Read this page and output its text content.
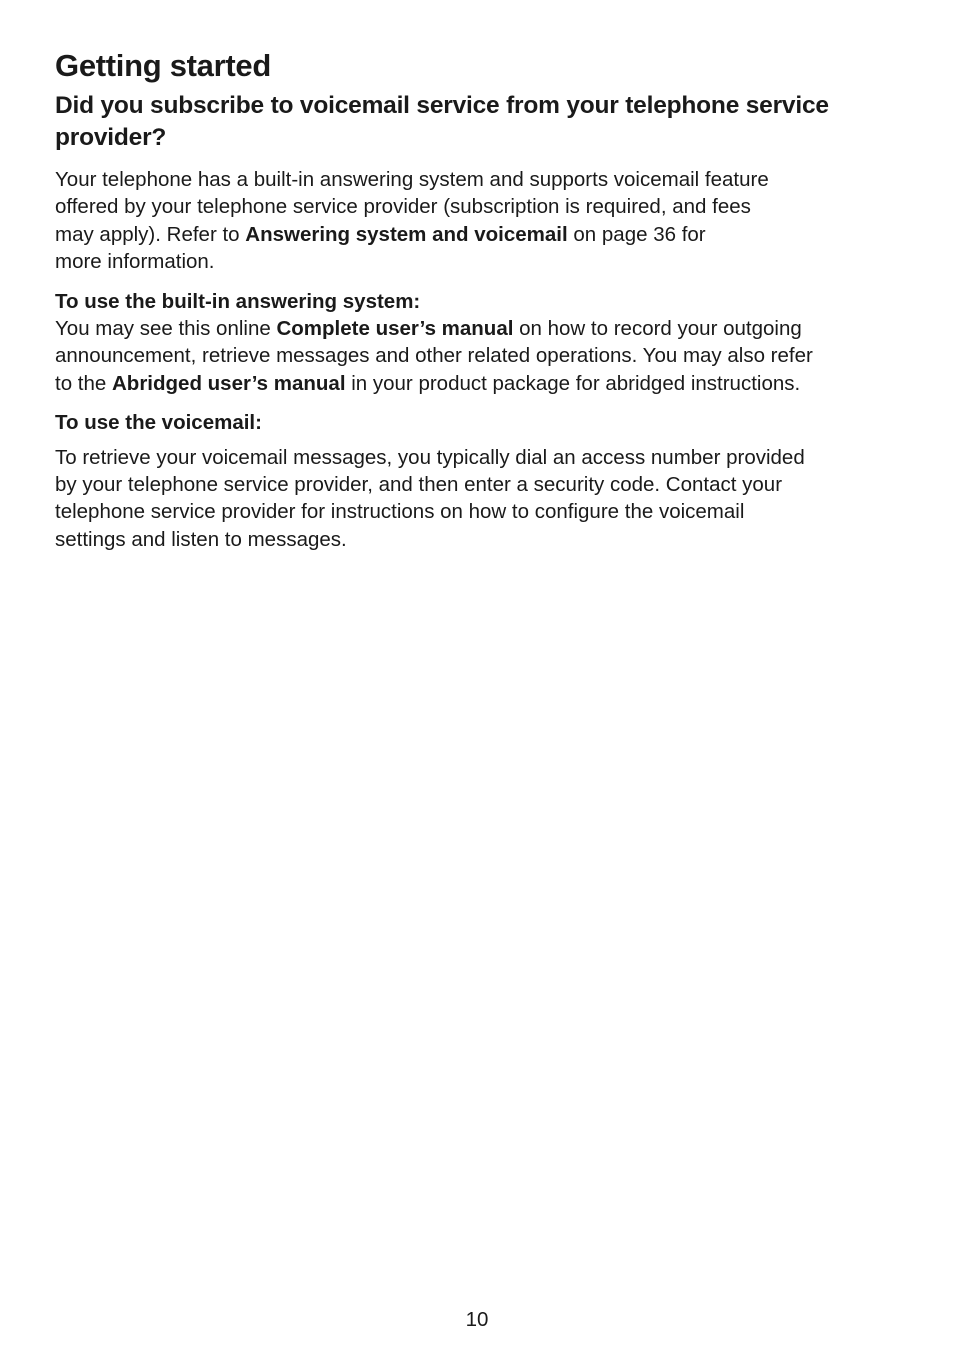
Getting started
Did you subscribe to voicemail service from your telephone service provider?

Your telephone has a built-in answering system and supports voicemail feature
offered by your telephone service provider (subscription is required, and fees
may apply). Refer to Answering system and voicemail on page 36 for
more information.

To use the built-in answering system:

You may see this online Complete user’s manual on how to record your outgoing
announcement, retrieve messages and other related operations. You may also refer
to the Abridged user’s manual in your product package for abridged instructions.

To use the voicemail:

To retrieve your voicemail messages, you typically dial an access number provided
by your telephone service provider, and then enter a security code. Contact your
telephone service provider for instructions on how to configure the voicemail
settings and listen to messages.

10
